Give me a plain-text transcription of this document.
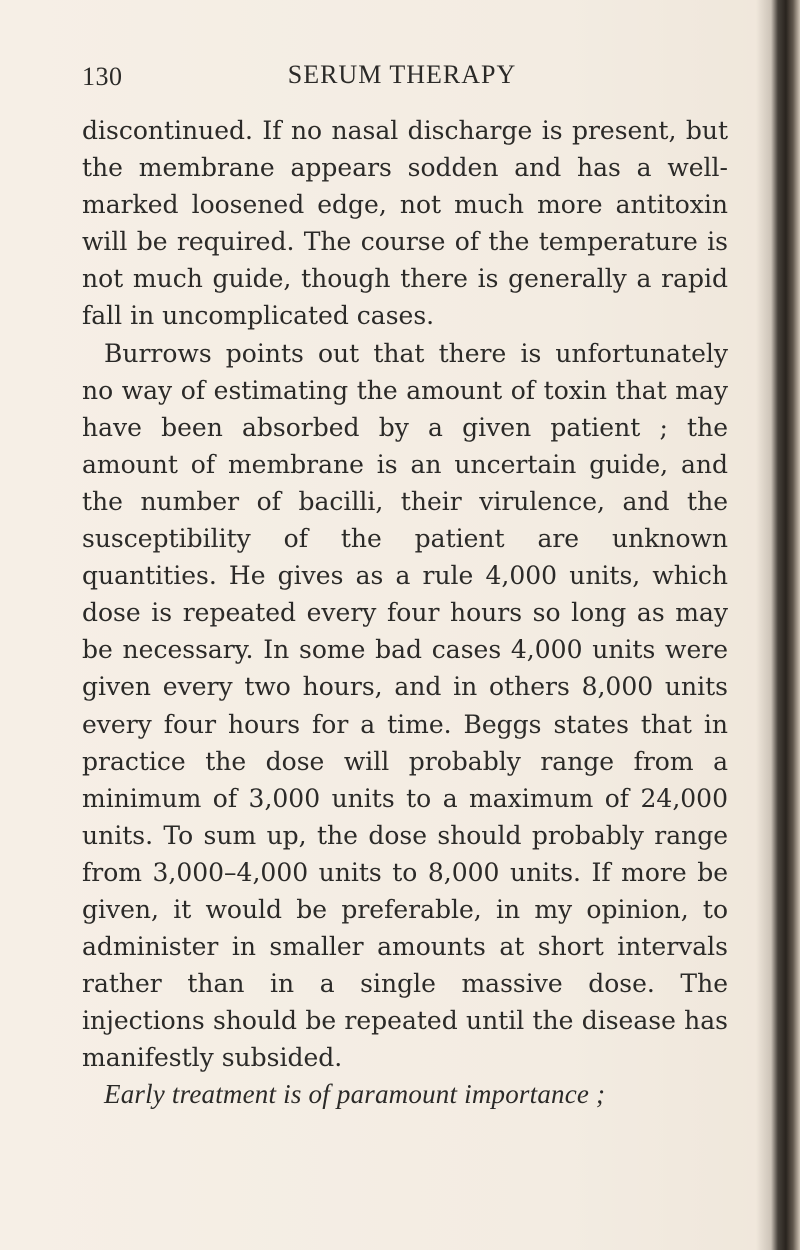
130	SERUM THERAPY

discontinued. If no nasal discharge is present, but the membrane appears sodden and has a well-marked loosened edge, not much more antitoxin will be required. The course of the temperature is not much guide, though there is generally a rapid fall in uncomplicated cases.

Burrows points out that there is unfortunately no way of estimating the amount of toxin that may have been absorbed by a given patient ; the amount of membrane is an uncertain guide, and the number of bacilli, their virulence, and the susceptibility of the patient are unknown quantities. He gives as a rule 4,000 units, which dose is repeated every four hours so long as may be necessary. In some bad cases 4,000 units were given every two hours, and in others 8,000 units every four hours for a time. Beggs states that in practice the dose will probably range from a minimum of 3,000 units to a maximum of 24,000 units. To sum up, the dose should probably range from 3,000–4,000 units to 8,000 units. If more be given, it would be preferable, in my opinion, to administer in smaller amounts at short intervals rather than in a single massive dose. The injections should be repeated until the disease has manifestly subsided.

Early treatment is of paramount importance ;
